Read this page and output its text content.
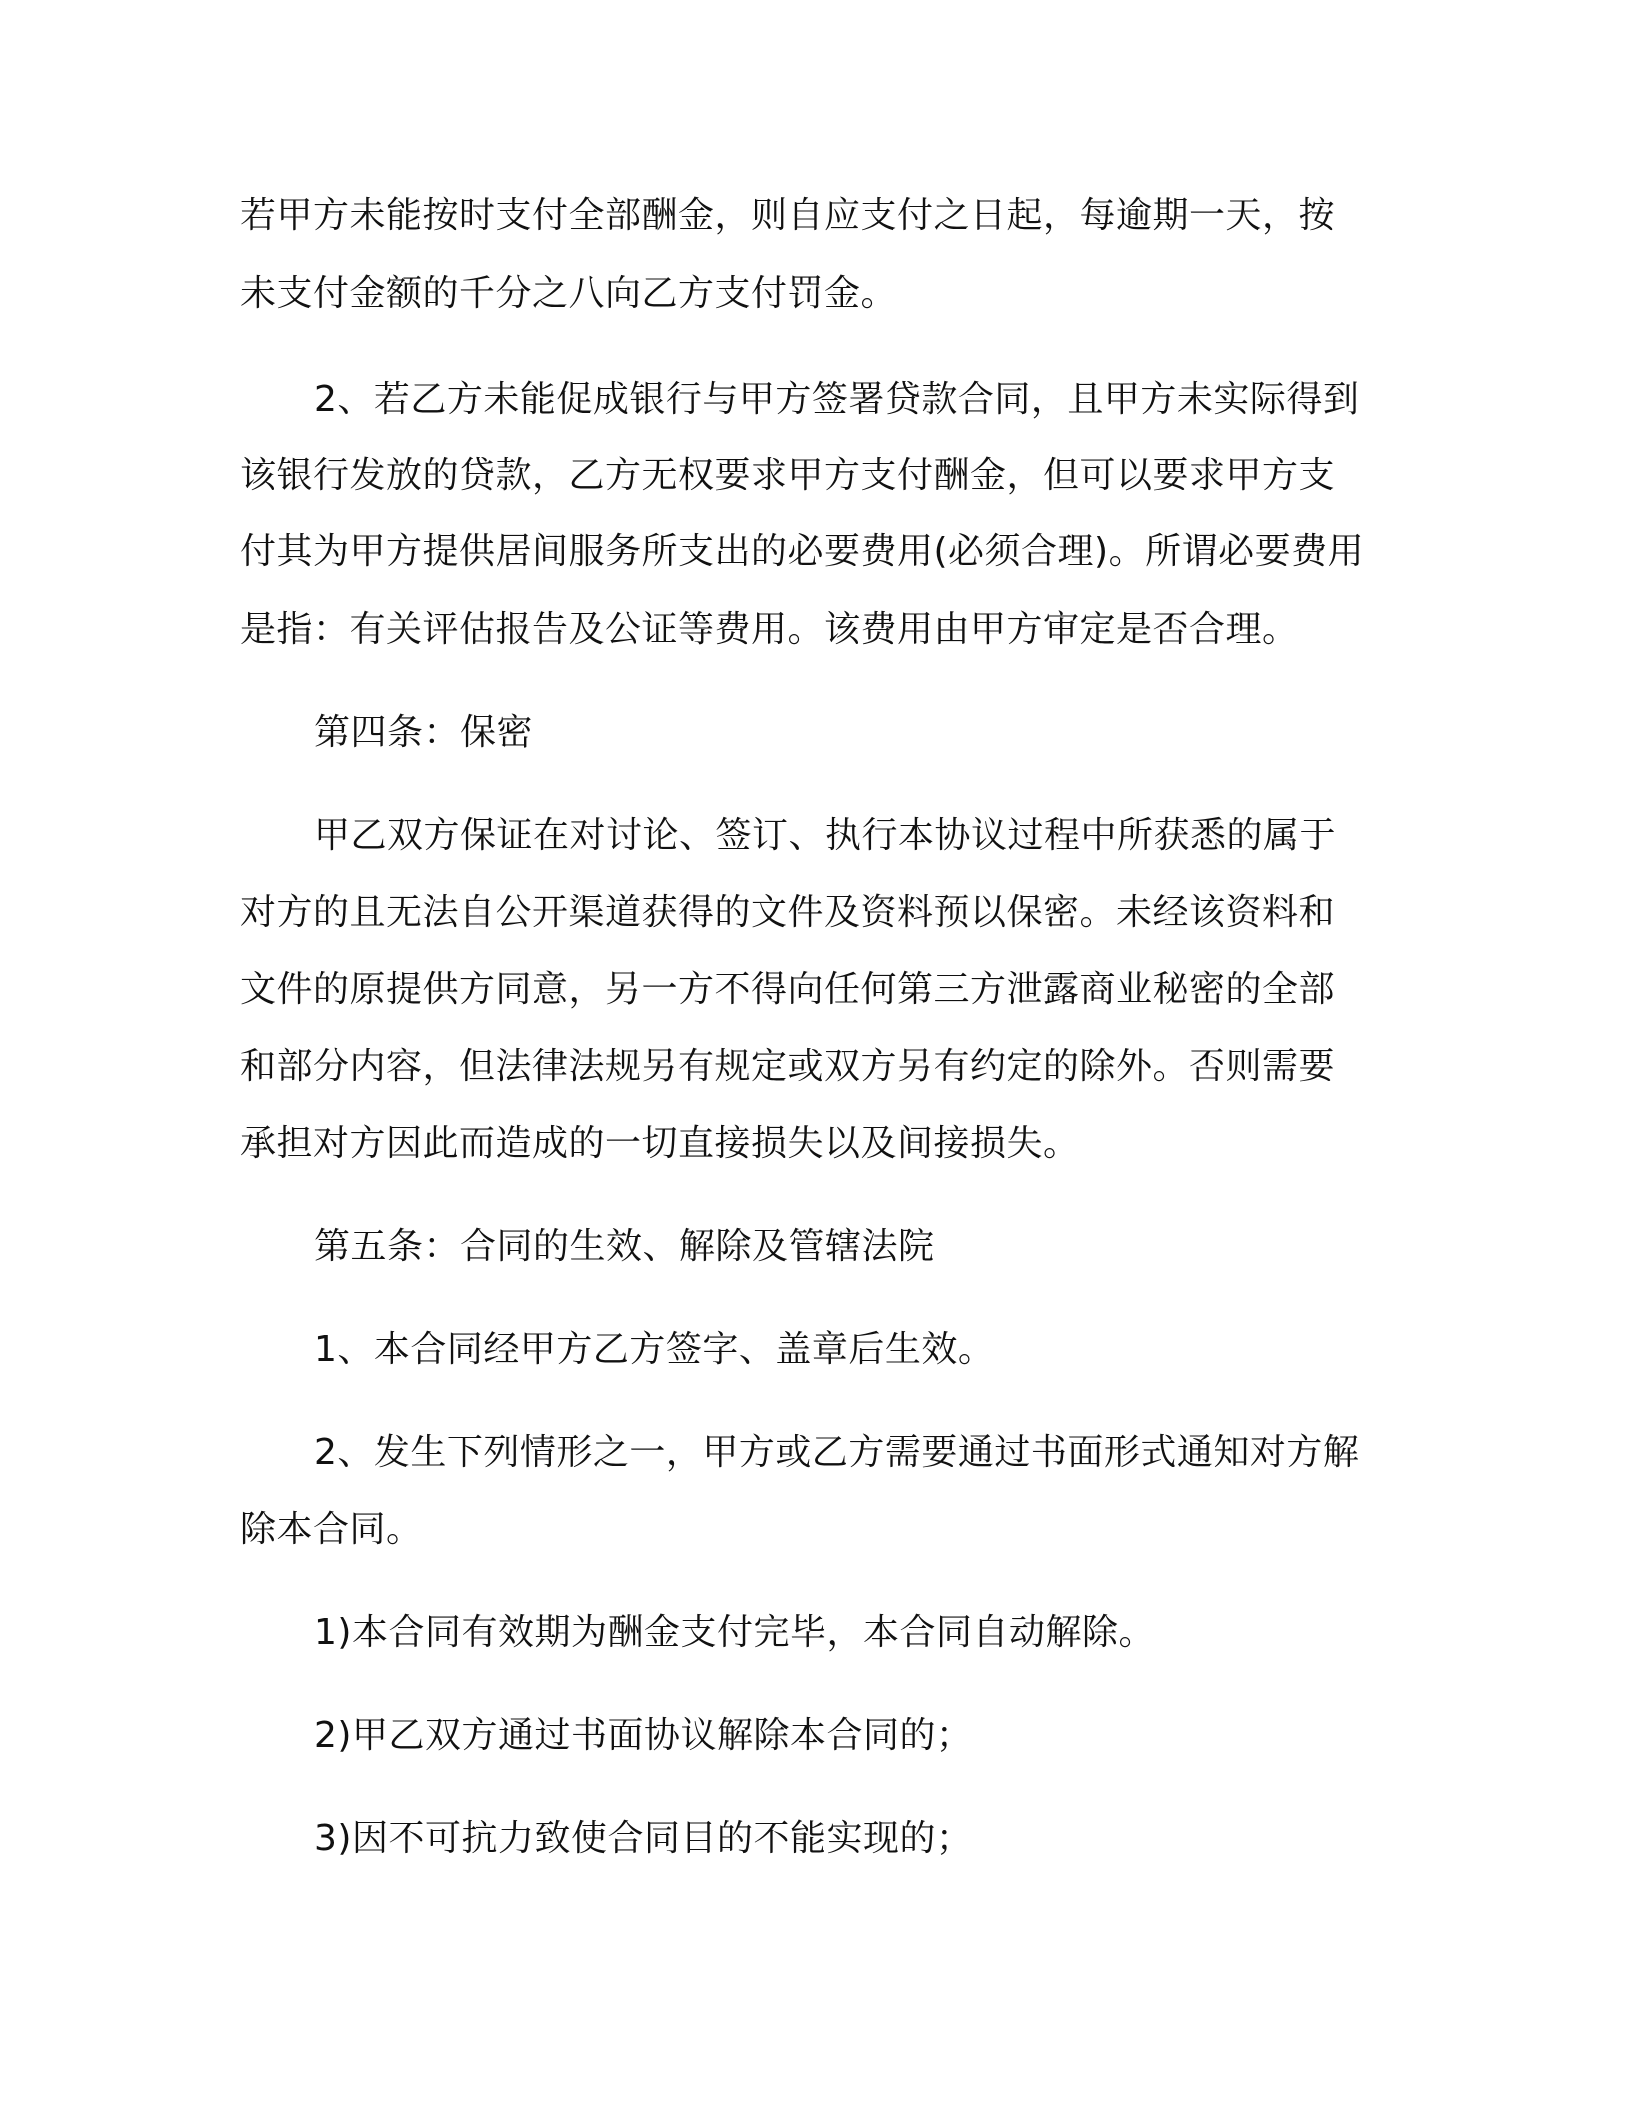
若甲方未能按时支付全部酬金，则自应支付之日起，每逾期一天，按

未支付金额的千分之八向乙方支付罚金。

2、若乙方未能促成银行与甲方签署贷款合同，且甲方未实际得到

该银行发放的贷款，乙方无权要求甲方支付酬金，但可以要求甲方支

付其为甲方提供居间服务所支出的必要费用(必须合理)。所谓必要费用

是指：有关评估报告及公证等费用。该费用由甲方审定是否合理。

第四条：保密

甲乙双方保证在对讨论、签订、执行本协议过程中所获悉的属于

对方的且无法自公开渠道获得的文件及资料预以保密。未经该资料和

文件的原提供方同意，另一方不得向任何第三方泄露商业秘密的全部

和部分内容，但法律法规另有规定或双方另有约定的除外。否则需要

承担对方因此而造成的一切直接损失以及间接损失。

第五条：合同的生效、解除及管辖法院

1、本合同经甲方乙方签字、盖章后生效。

2、发生下列情形之一，甲方或乙方需要通过书面形式通知对方解

除本合同。

1)本合同有效期为酬金支付完毕，本合同自动解除。

2)甲乙双方通过书面协议解除本合同的；

3)因不可抗力致使合同目的不能实现的；
